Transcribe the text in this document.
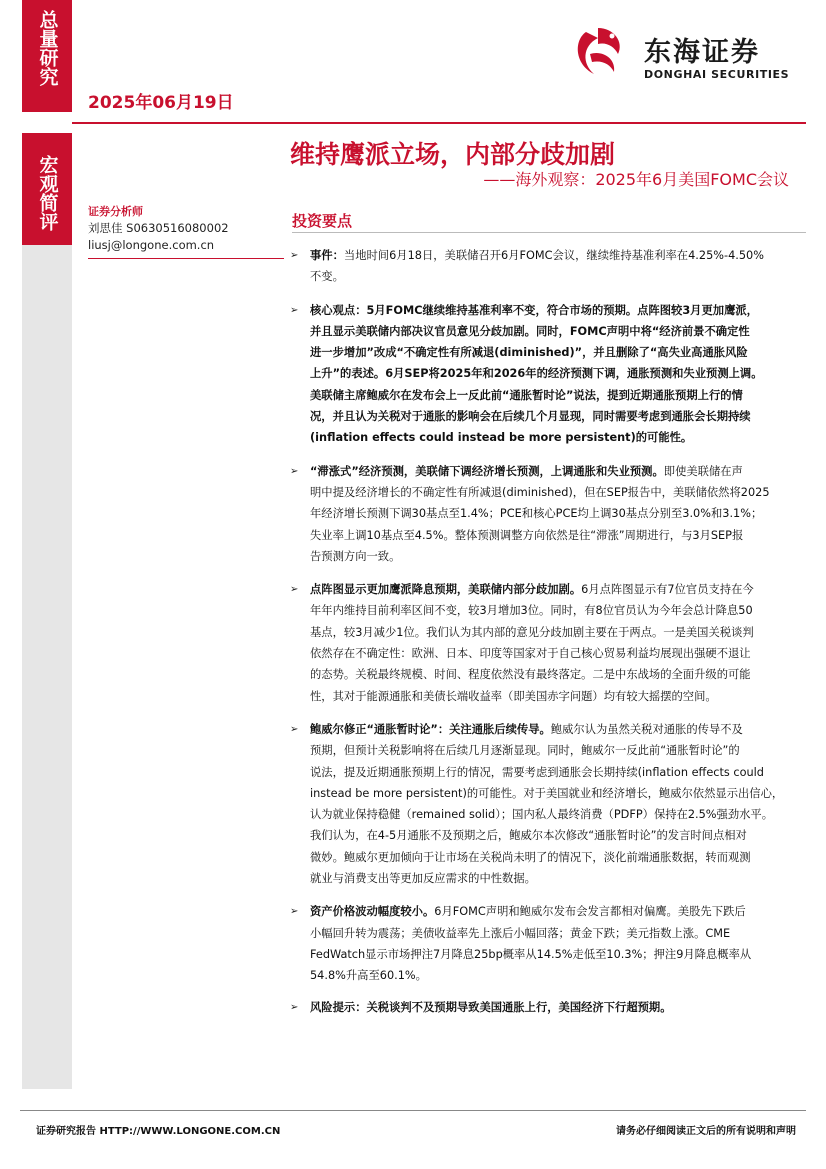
总量研究
2025年06月19日
东海证券
DONGHAI SECURITIES
宏观简评
维持鹰派立场，内部分歧加剧
——海外观察：2025年6月美国FOMC会议
证券分析师
刘思佳 S0630516080002
liusj@longone.com.cn
投资要点
➢ 事件：当地时间6月18日，美联储召开6月FOMC会议，继续维持基准利率在4.25%-4.50%
不变。
➢ 核心观点：5月FOMC继续维持基准利率不变，符合市场的预期。点阵图较3月更加鹰派，
并且显示美联储内部决议官员意见分歧加剧。同时，FOMC声明中将“经济前景不确定性
进一步增加”改成“不确定性有所减退(diminished)”，并且删除了“高失业高通胀风险
上升”的表述。6月SEP将2025年和2026年的经济预测下调，通胀预测和失业预测上调。
美联储主席鲍威尔在发布会上一反此前“通胀暂时论”说法，提到近期通胀预期上行的情
况，并且认为关税对于通胀的影响会在后续几个月显现，同时需要考虑到通胀会长期持续
(inflation effects could instead be more persistent)的可能性。
➢ “滞涨式”经济预测，美联储下调经济增长预测，上调通胀和失业预测。即使美联储在声
明中提及经济增长的不确定性有所减退(diminished)，但在SEP报告中，美联储依然将2025
年经济增长预测下调30基点至1.4%；PCE和核心PCE均上调30基点分别至3.0%和3.1%；
失业率上调10基点至4.5%。整体预测调整方向依然是往“滞涨”周期进行，与3月SEP报
告预测方向一致。
➢ 点阵图显示更加鹰派降息预期，美联储内部分歧加剧。6月点阵图显示有7位官员支持在今
年年内维持目前利率区间不变，较3月增加3位。同时，有8位官员认为今年会总计降息50
基点，较3月减少1位。我们认为其内部的意见分歧加剧主要在于两点。一是美国关税谈判
依然存在不确定性：欧洲、日本、印度等国家对于自己核心贸易利益均展现出强硬不退让
的态势。关税最终规模、时间、程度依然没有最终落定。二是中东战场的全面升级的可能
性，其对于能源通胀和美债长端收益率（即美国赤字问题）均有较大摇摆的空间。
➢ 鲍威尔修正“通胀暂时论”：关注通胀后续传导。鲍威尔认为虽然关税对通胀的传导不及
预期，但预计关税影响将在后续几月逐渐显现。同时，鲍威尔一反此前“通胀暂时论”的
说法，提及近期通胀预期上行的情况，需要考虑到通胀会长期持续(inflation effects could
instead be more persistent)的可能性。对于美国就业和经济增长，鲍威尔依然显示出信心，
认为就业保持稳健（remained solid）；国内私人最终消费（PDFP）保持在2.5%强劲水平。
我们认为，在4-5月通胀不及预期之后，鲍威尔本次修改“通胀暂时论”的发言时间点相对
微妙。鲍威尔更加倾向于让市场在关税尚未明了的情况下，淡化前端通胀数据，转而观测
就业与消费支出等更加反应需求的中性数据。
➢ 资产价格波动幅度较小。6月FOMC声明和鲍威尔发布会发言都相对偏鹰。美股先下跌后
小幅回升转为震荡；美债收益率先上涨后小幅回落；黄金下跌；美元指数上涨。CME
FedWatch显示市场押注7月降息25bp概率从14.5%走低至10.3%；押注9月降息概率从
54.8%升高至60.1%。
➢ 风险提示：关税谈判不及预期导致美国通胀上行，美国经济下行超预期。
证券研究报告 HTTP://WWW.LONGONE.COM.CN	请务必仔细阅读正文后的所有说明和声明
